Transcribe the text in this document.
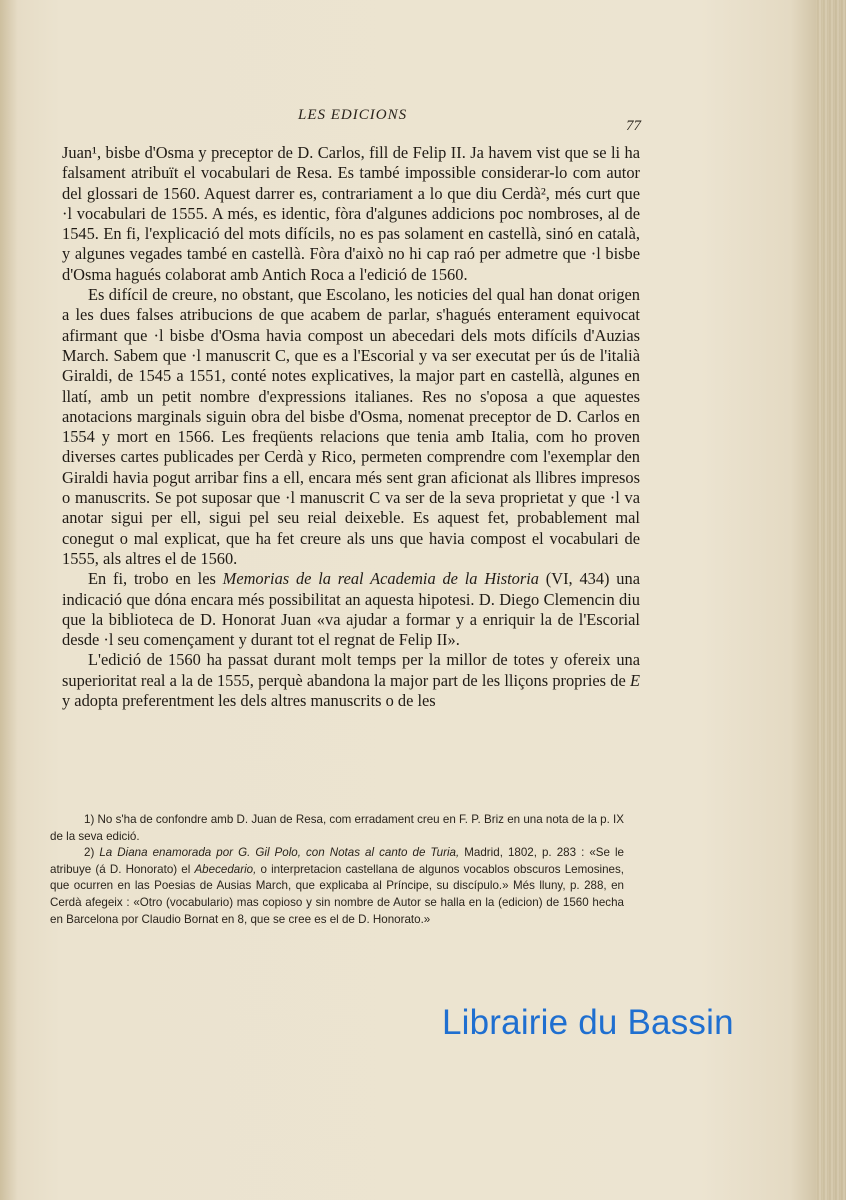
LES EDICIONS
77

Juan¹, bisbe d'Osma y preceptor de D. Carlos, fill de Felip II. Ja havem vist que se li ha falsament atribuït el vocabulari de Resa. Es també impossible considerar-lo com autor del glossari de 1560. Aquest darrer es, contrariament a lo que diu Cerdà², més curt que ·l vocabulari de 1555. A més, es identic, fòra d'algunes addicions poc nombroses, al de 1545. En fi, l'explicació del mots difícils, no es pas solament en castellà, sinó en català, y algunes vegades també en castellà. Fòra d'això no hi cap raó per admetre que ·l bisbe d'Osma hagués colaborat amb Antich Roca a l'edició de 1560.

Es difícil de creure, no obstant, que Escolano, les noticies del qual han donat origen a les dues falses atribucions de que acabem de parlar, s'hagués enterament equivocat afirmant que ·l bisbe d'Osma havia compost un abecedari dels mots difícils d'Auzias March. Sabem que ·l manuscrit C, que es a l'Escorial y va ser executat per ús de l'italià Giraldi, de 1545 a 1551, conté notes explicatives, la major part en castellà, algunes en llatí, amb un petit nombre d'expressions italianes. Res no s'oposa a que aquestes anotacions marginals siguin obra del bisbe d'Osma, nomenat preceptor de D. Carlos en 1554 y mort en 1566. Les freqüents relacions que tenia amb Italia, com ho proven diverses cartes publicades per Cerdà y Rico, permeten comprendre com l'exemplar den Giraldi havia pogut arribar fins a ell, encara més sent gran aficionat als llibres impresos o manuscrits. Se pot suposar que ·l manuscrit C va ser de la seva proprietat y que ·l va anotar sigui per ell, sigui pel seu reial deixeble. Es aquest fet, probablement mal conegut o mal explicat, que ha fet creure als uns que havia compost el vocabulari de 1555, als altres el de 1560.

En fi, trobo en les Memorias de la real Academia de la Historia (VI, 434) una indicació que dóna encara més possibilitat an aquesta hipotesi. D. Diego Clemencin diu que la biblioteca de D. Honorat Juan «va ajudar a formar y a enriquir la de l'Escorial desde ·l seu començament y durant tot el regnat de Felip II».

L'edició de 1560 ha passat durant molt temps per la millor de totes y ofereix una superioritat real a la de 1555, perquè abandona la major part de les lliçons propries de E y adopta preferentment les dels altres manuscrits o de les

1) No s'ha de confondre amb D. Juan de Resa, com erradament creu en F. P. Briz en una nota de la p. IX de la seva edició.

2) La Diana enamorada por G. Gil Polo, con Notas al canto de Turia, Madrid, 1802, p. 283 : «Se le atribuye (á D. Honorato) el Abecedario, o interpretacion castellana de algunos vocablos obscuros Lemosines, que ocurren en las Poesias de Ausias March, que explicaba al Príncipe, su discípulo.» Més lluny, p. 288, en Cerdà afegeix : «Otro (vocabulario) mas copioso y sin nombre de Autor se halla en la (edicion) de 1560 hecha en Barcelona por Claudio Bornat en 8, que se cree es el de D. Honorato.»

Librairie du Bassin
